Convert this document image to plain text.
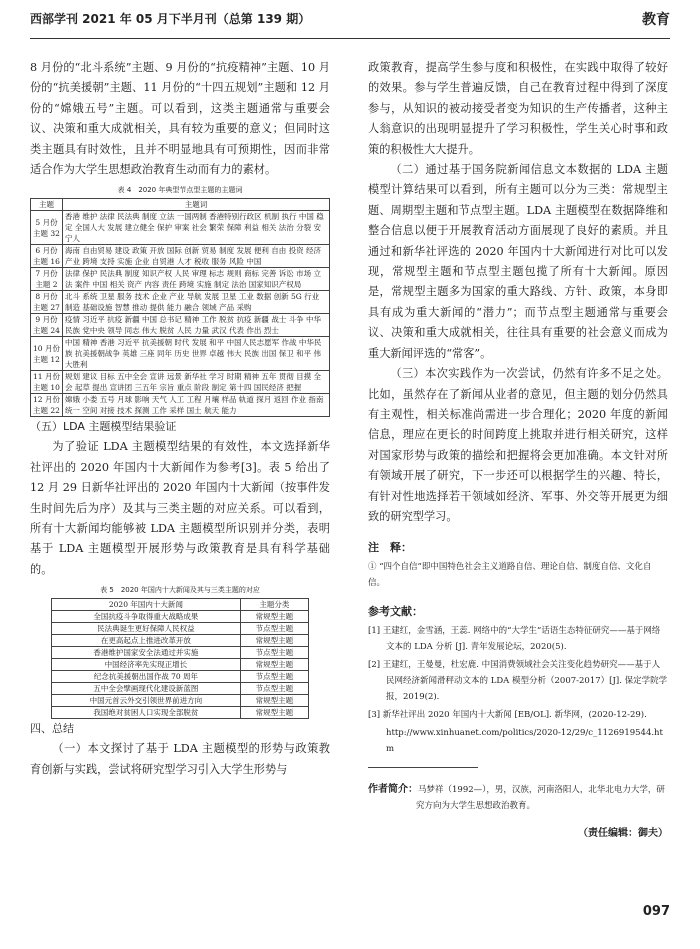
西部学刊 2021 年 05 月下半月刊（总第 139 期）	教育

8 月份的“北斗系统”主题、9 月份的“抗疫精神”主题、10 月份的“抗美援朝”主题、11 月份的“十四五规划”主题和 12 月份的“嫦娥五号”主题。可以看到，这类主题通常与重要会议、决策和重大成就相关，具有较为重要的意义；但同时这类主题具有时效性，且并不明显地具有可预期性，因而非常适合作为大学生思想政治教育生动而有力的素材。

表 4　2020 年典型节点型主题的主题词
主题	主题词
5 月份主题 32	香港 维护 法律 民法典 制度 立法 一国两制 香港特别行政区 机制 执行 中国 稳定 全国人大 发展 建立健全 保护 审案 社会 繁荣 保障 利益 相关 法治 分裂 安宁人
6 月份主题 16	海南 自由贸易 建设 政策 开放 国际 创新 贸易 制度 发展 便利 自由 投资 经济 产业 跨境 支持 实施 企业 自贸港 人才 税收 服务 风险 中国
7 月份主题 2	法律 保护 民法典 制度 知识产权 人民 审理 标志 规则 商标 完善 诉讼 市场 立法 案件 中国 相关 资产 内容 责任 跨境 实施 制定 法治 国家知识产权局
8 月份主题 27	北斗 系统 卫星 服务 技术 企业 产业 导航 发展 卫星 工业 数据 创新 5G 行业 制造 基础设施 智慧 推动 提供 能力 融合 领域 产品 采购
9 月份主题 24	疫情 习近平 抗疫 新疆 中国 总书记 精神 工作 脱贫 抗疫 新疆 战士 斗争 中华民族 党中央 领导 同志 伟大 脱贫 人民 力量 武汉 代表 作出 烈士
10 月份主题 12	中国 精神 香港 习近平 抗美援朝 时代 发展 和平 中国人民志愿军 作战 中华民族 抗美援朝战争 英雄 三座 同年 历史 世界 卓越 伟大 民族 出国 保卫 和平 伟大胜利
11 月份主题 10	规划 建议 目标 五中全会 宣讲 远景 新华社 学习 时期 精神 五年 贯彻 目摸 全会 起草 提出 宣讲团 三五年 宗旨 重点 阶段 制定 第十四 国民经济 把握
12 月份主题 22	嫦娥 小娄 五号 月球 影响 天气 人工 工程 月壤 样品 轨道 探月 返回 作业 指南 统一 空间 对接 技术 探测 工作 采样 国土 航天 能力
（五）LDA 主题模型结果验证

为了验证 LDA 主题模型结果的有效性，本文选择新华社评出的 2020 年国内十大新闻作为参考[3]。表 5 给出了 12 月 29 日新华社评出的 2020 年国内十大新闻（按事件发生时间先后为序）及其与三类主题的对应关系。可以看到，所有十大新闻均能够被 LDA 主题模型所识别并分类，表明基于 LDA 主题模型开展形势与政策教育是具有科学基础的。

表 5　2020 年国内十大新闻及其与三类主题的对应
2020 年国内十大新闻	主题分类
全国抗疫斗争取得重大战略成果	常规型主题
民法典诞生更好保障人民权益	节点型主题
在更高起点上推进改革开放	常规型主题
香港维护国家安全法通过并实施	节点型主题
中国经济率先实现正增长	常规型主题
纪念抗美援朝出国作战 70 周年	节点型主题
五中全会擘画现代化建设新蓝图	节点型主题
中国元首云外交引领世界前进方向	常规型主题
我国绝对贫困人口实现全部脱贫	常规型主题
四、总结

（一）本文探讨了基于 LDA 主题模型的形势与政策教育创新与实践，尝试将研究型学习引入大学生形势与

政策教育，提高学生参与度和积极性，在实践中取得了较好的效果。参与学生普遍反馈，自己在教育过程中得到了深度参与，从知识的被动接受者变为知识的生产传播者，这种主人翁意识的出现明显提升了学习积极性，学生关心时事和政策的积极性大大提升。

（二）通过基于国务院新闻信息文本数据的 LDA 主题模型计算结果可以看到，所有主题可以分为三类：常规型主题、周期型主题和节点型主题。LDA 主题模型在数据降维和整合信息以便于开展教育活动方面展现了良好的素质。并且通过和新华社评选的 2020 年国内十大新闻进行对比可以发现，常规型主题和节点型主题包揽了所有十大新闻。原因是，常规型主题多为国家的重大路线、方针、政策，本身即具有成为重大新闻的“潜力”；而节点型主题通常与重要会议、决策和重大成就相关，往往具有重要的社会意义而成为重大新闻评选的“常客”。

（三）本次实践作为一次尝试，仍然有许多不足之处。比如，虽然存在了新闻从业者的意见，但主题的划分仍然具有主观性，相关标准尚需进一步合理化；2020 年度的新闻信息，理应在更长的时间跨度上挑取并进行相关研究，这样对国家形势与政策的描绘和把握将会更加准确。本文针对所有领域开展了研究，下一步还可以根据学生的兴趣、特长，有针对性地选择若干领域如经济、军事、外交等开展更为细致的研究型学习。

注　释：

① “四个自信”即中国特色社会主义道路自信、理论自信、制度自信、文化自信。

参考文献：

[1] 王建红，金雪涵，王蕊. 网络中的“大学生”话语生态特征研究——基于网络文本的 LDA 分析 [J]. 青年发展论坛，2020(5).

[2] 王建红，王曼曼，杜宏鹿. 中国消费领域社会关注变化趋势研究——基于人民网经济新闻滑秤动文本的 LDA 模型分析（2007-2017）[J]. 保定学院学报，2019(2).

[3] 新华社评出 2020 年国内十大新闻 [EB/OL]. 新华网，(2020-12-29).

http://www.xinhuanet.com/politics/2020-12/29/c_1126919544.htm

作者简介：马梦祥（1992—），男，汉族，河南洛阳人，北华北电力大学，研究方向为大学生思想政治教育。
（责任编辑：御夫）
097
